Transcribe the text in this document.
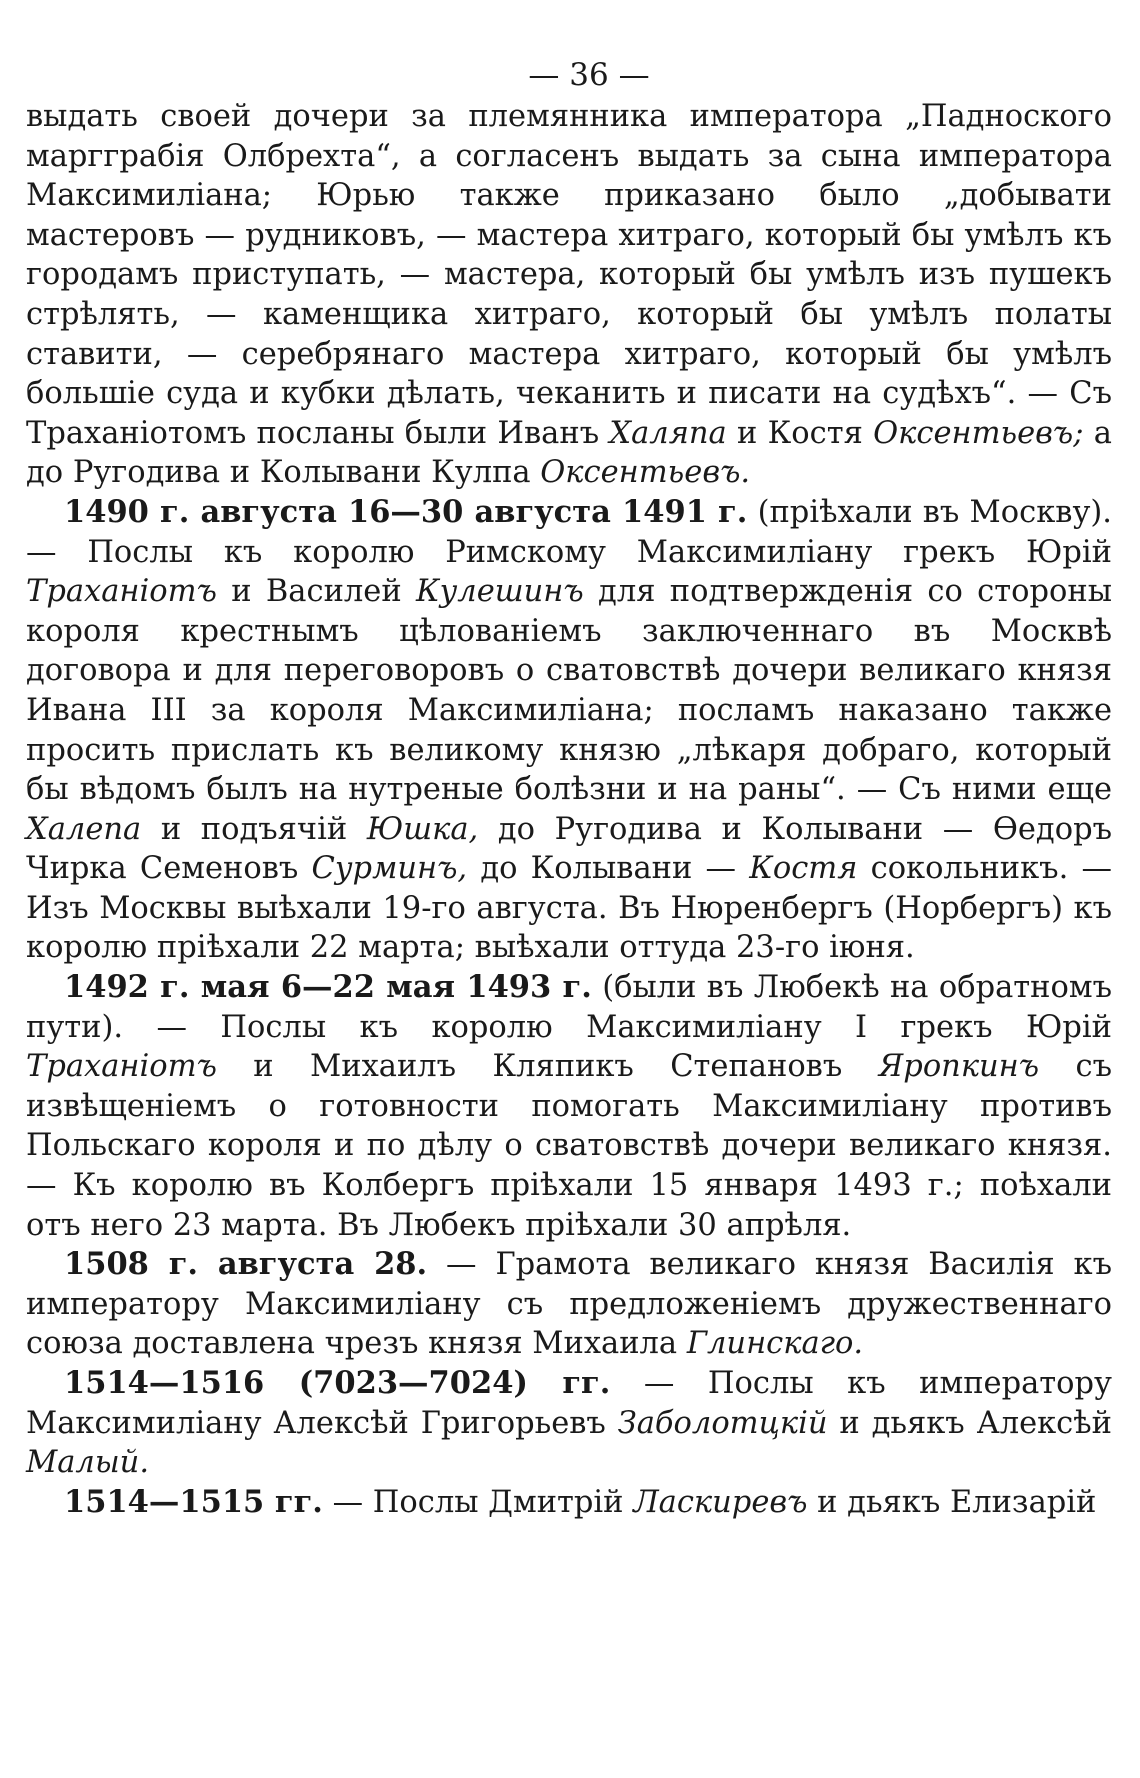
— 36 —

выдать своей дочери за племянника императора „Падноского маргграбія Олбрехта“, а согласенъ выдать за сына императора Максимиліана; Юрью также приказано было „добывати мастеровъ — рудниковъ, — мастера хитраго, который бы умѣлъ къ городамъ приступать, — мастера, который бы умѣлъ изъ пушекъ стрѣлять, — каменщика хитраго, который бы умѣлъ полаты ставити, — серебрянаго мастера хитраго, который бы умѣлъ большіе суда и кубки дѣлать, чеканить и писати на судѣхъ“. — Съ Траханіотомъ посланы были Иванъ Халяпа и Костя Оксентьевъ; а до Ругодива и Колывани Кулпа Оксентьевъ.

1490 г. августа 16—30 августа 1491 г. (пріѣхали въ Москву). — Послы къ королю Римскому Максимиліану грекъ Юрій Траханіотъ и Василей Кулешинъ для подтвержденія со стороны короля крестнымъ цѣлованіемъ заключеннаго въ Москвѣ договора и для переговоровъ о сватовствѣ дочери великаго князя Ивана III за короля Максимиліана; посламъ наказано также просить прислать къ великому князю „лѣкаря добраго, который бы вѣдомъ былъ на нутреные болѣзни и на раны“. — Съ ними еще Халепа и подъячій Юшка, до Ругодива и Колывани — Ѳедоръ Чирка Семеновъ Сурминъ, до Колывани — Костя сокольникъ. — Изъ Москвы выѣхали 19-го августа. Въ Нюренбергъ (Норбергъ) къ королю пріѣхали 22 марта; выѣхали оттуда 23-го іюня.

1492 г. мая 6—22 мая 1493 г. (были въ Любекѣ на обратномъ пути). — Послы къ королю Максимиліану I грекъ Юрій Траханіотъ и Михаилъ Кляпикъ Степановъ Яропкинъ съ извѣщеніемъ о готовности помогать Максимиліану противъ Польскаго короля и по дѣлу о сватовствѣ дочери великаго князя. — Къ королю въ Колбергъ пріѣхали 15 января 1493 г.; поѣхали отъ него 23 марта. Въ Любекъ пріѣхали 30 апрѣля.

1508 г. августа 28. — Грамота великаго князя Василія къ императору Максимиліану съ предложеніемъ дружественнаго союза доставлена чрезъ князя Михаила Глинскаго.

1514—1516 (7023—7024) гг. — Послы къ императору Максимиліану Алексѣй Григорьевъ Заболотцкій и дьякъ Алексѣй Малый.

1514—1515 гг. — Послы Дмитрій Ласкиревъ и дьякъ Елизарій
